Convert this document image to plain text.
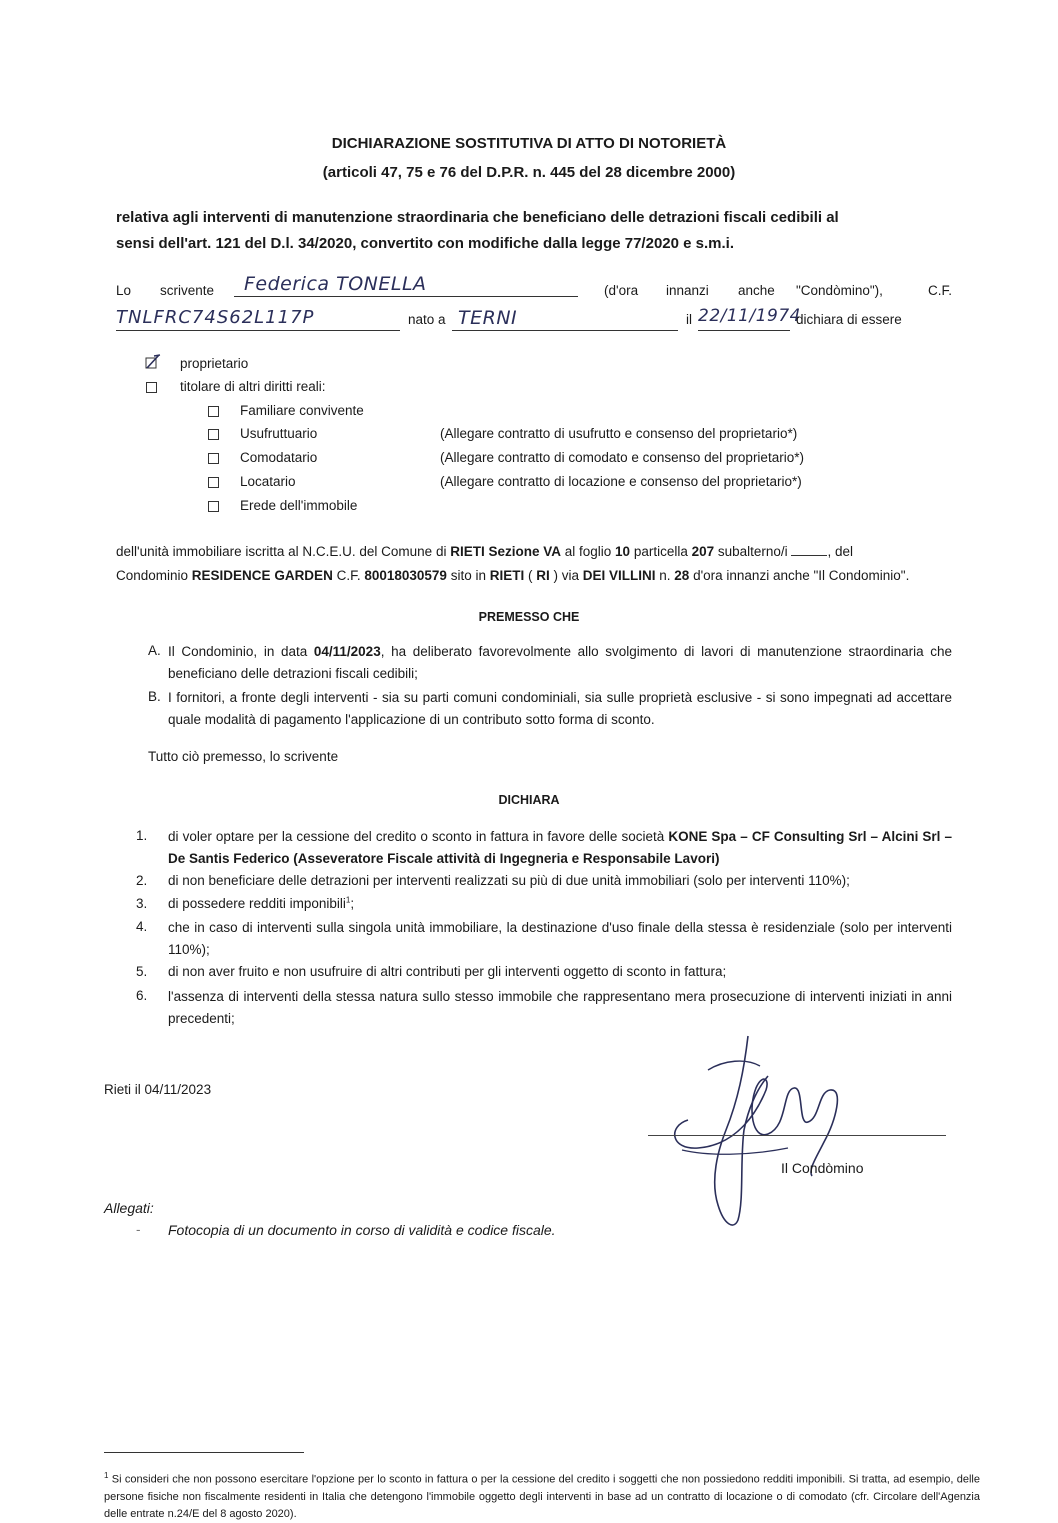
DICHIARAZIONE SOSTITUTIVA DI ATTO DI NOTORIETÀ
(articoli 47, 75 e 76 del D.P.R. n. 445 del 28 dicembre 2000)
relativa agli interventi di manutenzione straordinaria che beneficiano delle detrazioni fiscali cedibili al
sensi dell'art. 121 del D.l. 34/2020, convertito con modifiche dalla legge 77/2020 e s.m.i.
Lo scrivente Federica TONELLA	(d'ora innanzi anche "Condòmino"),	C.F.
TNLFRC74S62L117P	nato a TERNI	il 22/11/1974
dichiara di essere
proprietario
titolare di altri diritti reali:
Familiare convivente
Usufruttuario	(Allegare contratto di usufrutto e consenso del proprietario*)
Comodatario	(Allegare contratto di comodato e consenso del proprietario*)
Locatario	(Allegare contratto di locazione e consenso del proprietario*)
Erede dell'immobile
dell'unità immobiliare iscritta al N.C.E.U. del Comune di RIETI Sezione VA al foglio 10 particella 207 subalterno/i	, del
Condominio RESIDENCE GARDEN C.F. 80018030579 sito in RIETI ( RI ) via DEI VILLINI n. 28 d'ora innanzi anche "Il Condominio".
PREMESSO CHE
A. Il Condominio, in data 04/11/2023, ha deliberato favorevolmente allo svolgimento di lavori di manutenzione straordinaria che beneficiano delle detrazioni fiscali cedibili;
B. I fornitori, a fronte degli interventi - sia su parti comuni condominiali, sia sulle proprietà esclusive - si sono impegnati ad accettare quale modalità di pagamento l'applicazione di un contributo sotto forma di sconto.
Tutto ciò premesso, lo scrivente
DICHIARA
1. di voler optare per la cessione del credito o sconto in fattura in favore delle società KONE Spa – CF Consulting Srl – Alcini Srl – De Santis Federico (Asseveratore Fiscale attività di Ingegneria e Responsabile Lavori)
2. di non beneficiare delle detrazioni per interventi realizzati su più di due unità immobiliari (solo per interventi 110%);
3. di possedere redditi imponibili$^1$;
4. che in caso di interventi sulla singola unità immobiliare, la destinazione d'uso finale della stessa è residenziale (solo per interventi 110%);
5. di non aver fruito e non usufruire di altri contributi per gli interventi oggetto di sconto in fattura;
6. l'assenza di interventi della stessa natura sullo stesso immobile che rappresentano mera prosecuzione di interventi iniziati in anni precedenti;
Rieti il 04/11/2023
Il Condòmino
Allegati:
- Fotocopia di un documento in corso di validità e codice fiscale.
$^1$ Si consideri che non possono esercitare l'opzione per lo sconto in fattura o per la cessione del credito i soggetti che non possiedono redditi imponibili. Si tratta, ad esempio, delle persone fisiche non fiscalmente residenti in Italia che detengono l'immobile oggetto degli interventi in base ad un contratto di locazione o di comodato (cfr. Circolare dell'Agenzia delle entrate n.24/E del 8 agosto 2020).
